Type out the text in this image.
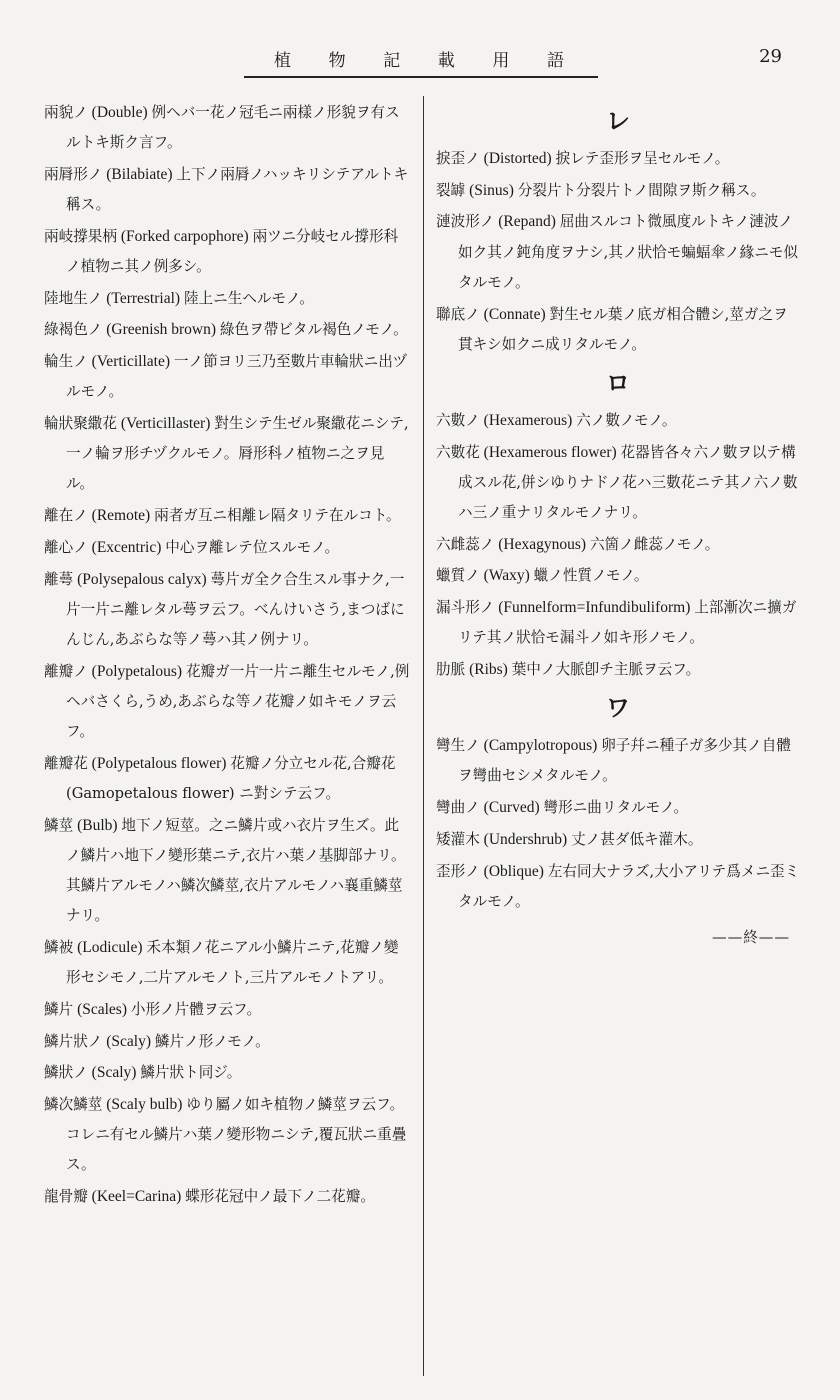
植 物 記 載 用 語	29
兩貌ノ (Double) 例ヘバ一花ノ冠毛ニ兩樣ノ形貌ヲ有スルトキ斯ク言フ。
兩脣形ノ (Bilabiate) 上下ノ兩脣ノハッキリシテアルトキ稱ス。
兩岐撐果柄 (Forked carpophore) 兩ツニ分岐セル撐形科ノ植物ニ其ノ例多シ。
陸地生ノ (Terrestrial) 陸上ニ生ヘルモノ。
綠褐色ノ (Greenish brown) 綠色ヲ帶ビタル褐色ノモノ。
輪生ノ (Verticillate) 一ノ節ヨリ三乃至數片車輪狀ニ出ヅルモノ。
輪狀聚繖花 (Verticillaster) 對生シテ生ゼル聚繖花ニシテ,一ノ輪ヲ形チヅクルモノ。脣形科ノ植物ニ之ヲ見ル。
離在ノ (Remote) 兩者ガ互ニ相離レ隔タリテ在ルコト。
離心ノ (Excentric) 中心ヲ離レテ位スルモノ。
離蕚 (Polysepalous calyx) 蕚片ガ全ク合生スル事ナク,一片一片ニ離レタル蕚ヲ云フ。べんけいさう,まつばにんじん,あぶらな等ノ蕚ハ其ノ例ナリ。
離瓣ノ (Polypetalous) 花瓣ガ一片一片ニ離生セルモノ,例ヘバさくら,うめ,あぶらな等ノ花瓣ノ如キモノヲ云フ。
離瓣花 (Polypetalous flower) 花瓣ノ分立セル花,合瓣花 (Gamopetalous flower) ニ對シテ云フ。
鱗莖 (Bulb) 地下ノ短莖。之ニ鱗片或ハ衣片ヲ生ズ。此ノ鱗片ハ地下ノ變形葉ニテ,衣片ハ葉ノ基脚部ナリ。其鱗片アルモノハ鱗次鱗莖,衣片アルモノハ襄重鱗莖ナリ。
鱗被 (Lodicule) 禾本類ノ花ニアル小鱗片ニテ,花瓣ノ變形セシモノ,二片アルモノト,三片アルモノトアリ。
鱗片 (Scales) 小形ノ片體ヲ云フ。
鱗片狀ノ (Scaly) 鱗片ノ形ノモノ。
鱗狀ノ (Scaly) 鱗片狀ト同ジ。
鱗次鱗莖 (Scaly bulb) ゆり屬ノ如キ植物ノ鱗莖ヲ云フ。コレニ有セル鱗片ハ葉ノ變形物ニシテ,覆瓦狀ニ重疊ス。
龍骨瓣 (Keel=Carina) 蝶形花冠中ノ最下ノ二花瓣。
レ
捩歪ノ (Distorted) 捩レテ歪形ヲ呈セルモノ。
裂罅 (Sinus) 分裂片ト分裂片トノ間隙ヲ斯ク稱ス。
漣波形ノ (Repand) 屈曲スルコト微風度ルトキノ漣波ノ如ク其ノ鈍角度ヲナシ,其ノ狀恰モ蝙蝠傘ノ緣ニモ似タルモノ。
聯底ノ (Connate) 對生セル葉ノ底ガ相合體シ,莖ガ之ヲ貫キシ如クニ成リタルモノ。
ロ
六數ノ (Hexamerous) 六ノ數ノモノ。
六數花 (Hexamerous flower) 花器皆各々六ノ數ヲ以テ構成スル花,併シゆりナドノ花ハ三數花ニテ其ノ六ノ數ハ三ノ重ナリタルモノナリ。
六雌蕊ノ (Hexagynous) 六箇ノ雌蕊ノモノ。
蠟質ノ (Waxy) 蠟ノ性質ノモノ。
漏斗形ノ (Funnelform=Infundibuliform) 上部漸次ニ擴ガリテ其ノ狀恰モ漏斗ノ如キ形ノモノ。
肋脈 (Ribs) 葉中ノ大脈卽チ主脈ヲ云フ。
ワ
彎生ノ (Campylotropous) 卵子幷ニ種子ガ多少其ノ自體ヲ彎曲セシメタルモノ。
彎曲ノ (Curved) 彎形ニ曲リタルモノ。
矮灌木 (Undershrub) 丈ノ甚ダ低キ灌木。
歪形ノ (Oblique) 左右同大ナラズ,大小アリテ爲メニ歪ミタルモノ。
——終——
